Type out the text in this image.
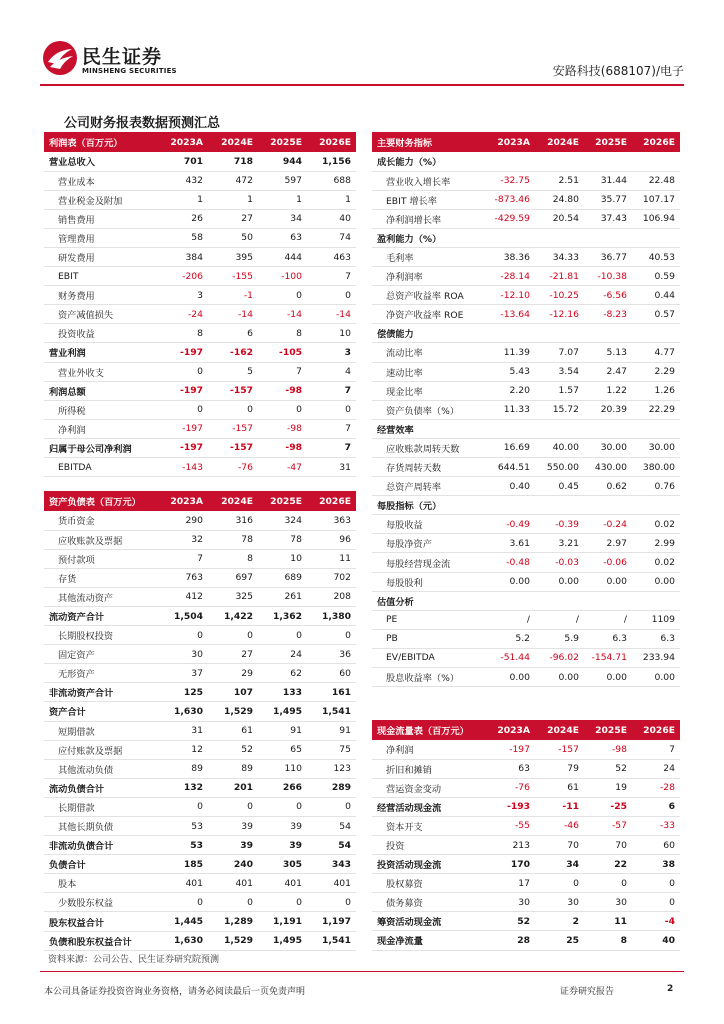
民生证券
MINSHENG SECURITIES	安路科技(688107)/电子
公司财务报表数据预测汇总
利润表（百万元）	2023A	2024E	2025E	2026E
营业总收入	701	718	944	1,156
营业成本	432	472	597	688
营业税金及附加	1	1	1	1
销售费用	26	27	34	40
管理费用	58	50	63	74
研发费用	384	395	444	463
EBIT	-206	-155	-100	7
财务费用	3	-1	0	0
资产减值损失	-24	-14	-14	-14
投资收益	8	6	8	10
营业利润	-197	-162	-105	3
营业外收支	0	5	7	4
利润总额	-197	-157	-98	7
所得税	0	0	0	0
净利润	-197	-157	-98	7
归属于母公司净利润	-197	-157	-98	7
EBITDA	-143	-76	-47	31
资产负债表（百万元）	2023A	2024E	2025E	2026E
货币资金	290	316	324	363
应收账款及票据	32	78	78	96
预付款项	7	8	10	11
存货	763	697	689	702
其他流动资产	412	325	261	208
流动资产合计	1,504	1,422	1,362	1,380
长期股权投资	0	0	0	0
固定资产	30	27	24	36
无形资产	37	29	62	60
非流动资产合计	125	107	133	161
资产合计	1,630	1,529	1,495	1,541
短期借款	31	61	91	91
应付账款及票据	12	52	65	75
其他流动负债	89	89	110	123
流动负债合计	132	201	266	289
长期借款	0	0	0	0
其他长期负债	53	39	39	54
非流动负债合计	53	39	39	54
负债合计	185	240	305	343
股本	401	401	401	401
少数股东权益	0	0	0	0
股东权益合计	1,445	1,289	1,191	1,197
负债和股东权益合计	1,630	1,529	1,495	1,541
主要财务指标	2023A	2024E	2025E	2026E
成长能力（%）				
营业收入增长率	-32.75	2.51	31.44	22.48
EBIT 增长率	-873.46	24.80	35.77	107.17
净利润增长率	-429.59	20.54	37.43	106.94
盈利能力（%）				
毛利率	38.36	34.33	36.77	40.53
净利润率	-28.14	-21.81	-10.38	0.59
总资产收益率 ROA	-12.10	-10.25	-6.56	0.44
净资产收益率 ROE	-13.64	-12.16	-8.23	0.57
偿债能力				
流动比率	11.39	7.07	5.13	4.77
速动比率	5.43	3.54	2.47	2.29
现金比率	2.20	1.57	1.22	1.26
资产负债率（%）	11.33	15.72	20.39	22.29
经营效率				
应收账款周转天数	16.69	40.00	30.00	30.00
存货周转天数	644.51	550.00	430.00	380.00
总资产周转率	0.40	0.45	0.62	0.76
每股指标（元）				
每股收益	-0.49	-0.39	-0.24	0.02
每股净资产	3.61	3.21	2.97	2.99
每股经营现金流	-0.48	-0.03	-0.06	0.02
每股股利	0.00	0.00	0.00	0.00
估值分析				
PE	/	/	/	1109
PB	5.2	5.9	6.3	6.3
EV/EBITDA	-51.44	-96.02	-154.71	233.94
股息收益率（%）	0.00	0.00	0.00	0.00
现金流量表（百万元）	2023A	2024E	2025E	2026E
净利润	-197	-157	-98	7
折旧和摊销	63	79	52	24
营运资金变动	-76	61	19	-28
经营活动现金流	-193	-11	-25	6
资本开支	-55	-46	-57	-33
投资	213	70	70	60
投资活动现金流	170	34	22	38
股权募资	17	0	0	0
债务募资	30	30	30	0
筹资活动现金流	52	2	11	-4
现金净流量	28	25	8	40
资料来源：公司公告、民生证券研究院预测
本公司具备证券投资咨询业务资格，请务必阅读最后一页免责声明	证券研究报告	2
